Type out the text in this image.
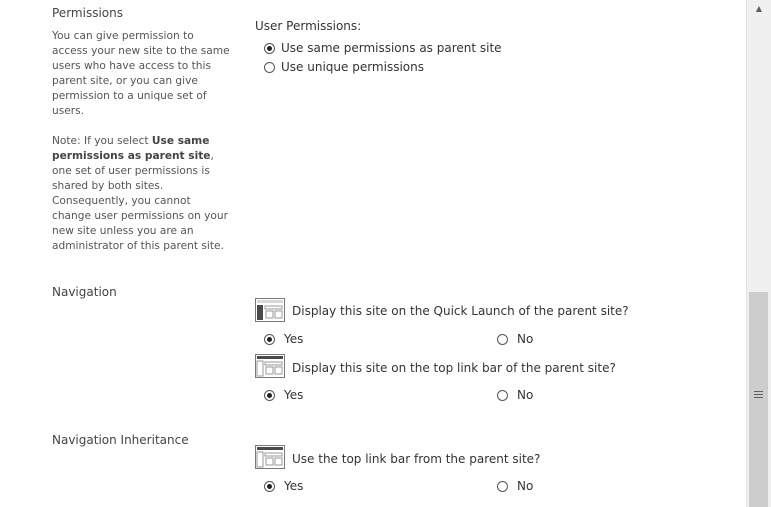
Permissions

You can give permission to access your new site to the same users who have access to this parent site, or you can give permission to a unique set of users.

Note: If you select Use same permissions as parent site, one set of user permissions is shared by both sites. Consequently, you cannot change user permissions on your new site unless you are an administrator of this parent site.

User Permissions:
Use same permissions as parent site
Use unique permissions
Navigation
Display this site on the Quick Launch of the parent site?
Yes	No
Display this site on the top link bar of the parent site?
Yes	No
Navigation Inheritance
Use the top link bar from the parent site?
Yes	No
▲
